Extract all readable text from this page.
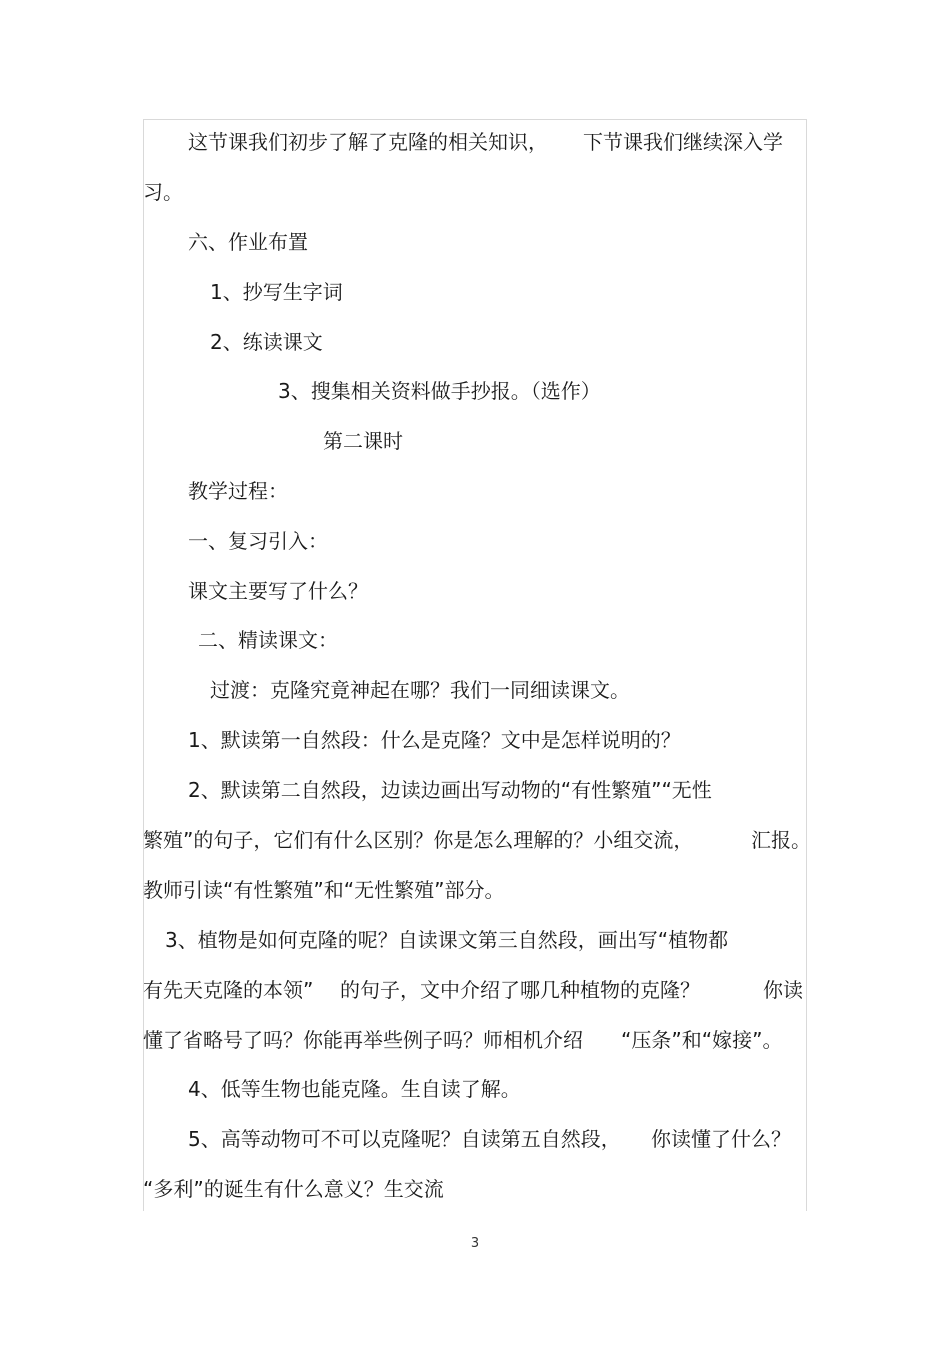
这节课我们初步了解了克隆的相关知识， 下节课我们继续深入学
习。
六、作业布置
1、抄写生字词
2、练读课文
3、搜集相关资料做手抄报。（选作）
第二课时
教学过程：
一、复习引入：
课文主要写了什么？
二、精读课文：
过渡：克隆究竟神起在哪？我们一同细读课文。
1、默读第一自然段：什么是克隆？文中是怎样说明的？
2、默读第二自然段，边读边画出写动物的“有性繁殖”“无性
繁殖”的句子，它们有什么区别？你是怎么理解的？小组交流，	汇报。
教师引读“有性繁殖”和“无性繁殖”部分。
3、植物是如何克隆的呢？自读课文第三自然段，画出写“植物都
有先天克隆的本领” 的句子，文中介绍了哪几种植物的克隆？	你读
懂了省略号了吗？你能再举些例子吗？师相机介绍 “压条”和“嫁接”。
4、低等生物也能克隆。生自读了解。
5、高等动物可不可以克隆呢？自读第五自然段， 你读懂了什么？
“多利”的诞生有什么意义？生交流
3
